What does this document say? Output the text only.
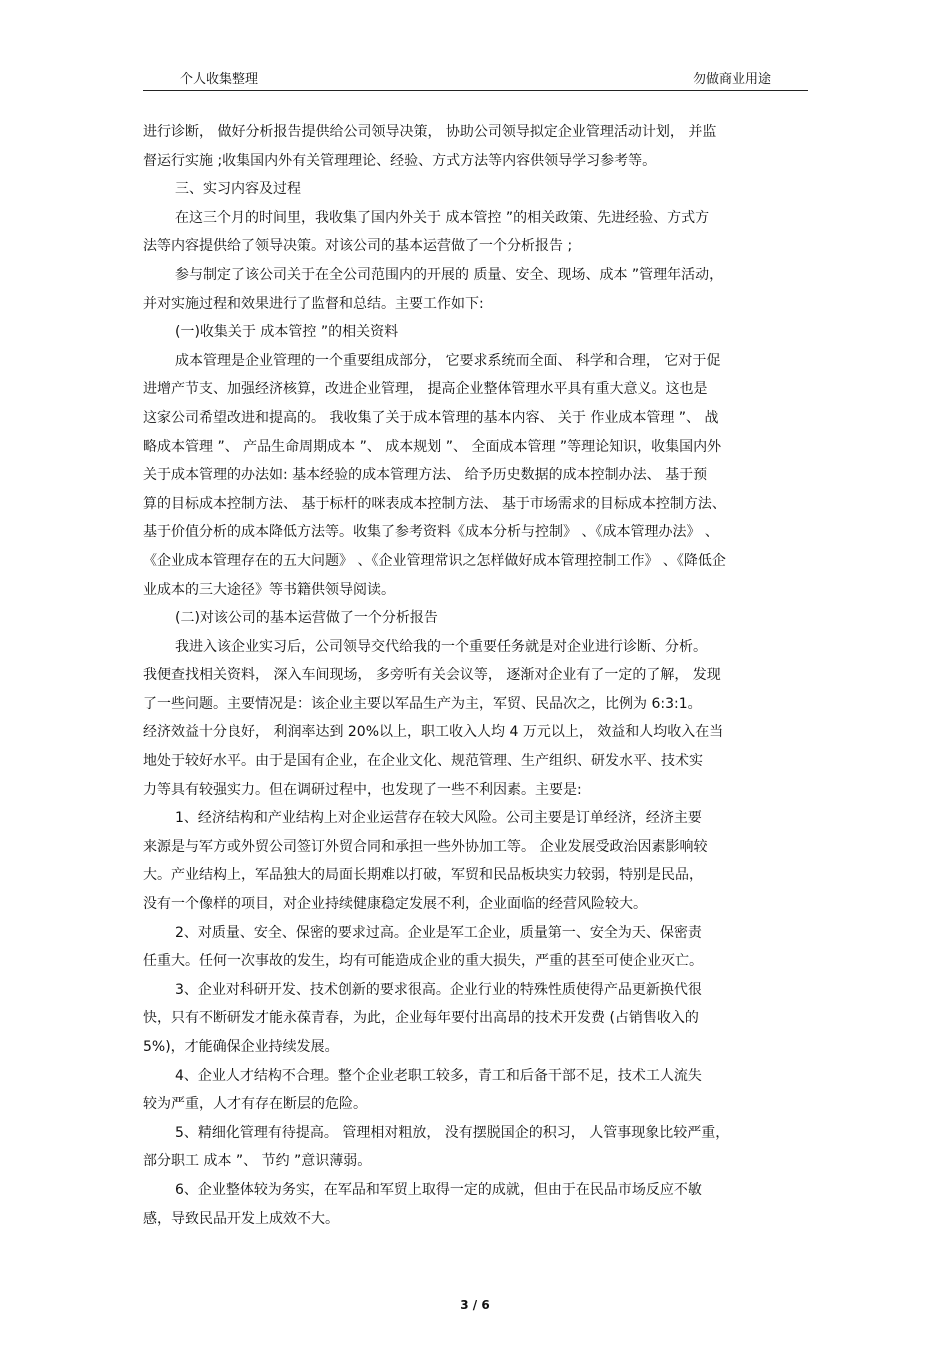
个人收集整理	勿做商业用途
进行诊断， 做好分析报告提供给公司领导决策， 协助公司领导拟定企业管理活动计划， 并监
督运行实施 ;收集国内外有关管理理论、经验、方式方法等内容供领导学习参考等。
三、实习内容及过程
在这三个月的时间里，我收集了国内外关于 成本管控 ”的相关政策、先进经验、方式方
法等内容提供给了领导决策。对该公司的基本运营做了一个分析报告 ;
参与制定了该公司关于在全公司范围内的开展的 质量、安全、现场、成本 ”管理年活动，
并对实施过程和效果进行了监督和总结。主要工作如下:
(一)收集关于 成本管控 ”的相关资料
成本管理是企业管理的一个重要组成部分， 它要求系统而全面、 科学和合理， 它对于促
进增产节支、加强经济核算，改进企业管理， 提高企业整体管理水平具有重大意义。这也是
这家公司希望改进和提高的。 我收集了关于成本管理的基本内容、 关于 作业成本管理 ”、 战
略成本管理 ”、 产品生命周期成本 ”、 成本规划 ”、 全面成本管理 ”等理论知识，收集国内外
关于成本管理的办法如: 基本经验的成本管理方法、 给予历史数据的成本控制办法、 基于预
算的目标成本控制方法、 基于标杆的咪表成本控制方法、 基于市场需求的目标成本控制方法、
基于价值分析的成本降低方法等。收集了参考资料《成本分析与控制》 、《成本管理办法》 、
《企业成本管理存在的五大问题》 、《企业管理常识之怎样做好成本管理控制工作》 、《降低企
业成本的三大途径》等书籍供领导阅读。
(二)对该公司的基本运营做了一个分析报告
我进入该企业实习后，公司领导交代给我的一个重要任务就是对企业进行诊断、分析。
我便查找相关资料， 深入车间现场， 多旁听有关会议等， 逐渐对企业有了一定的了解， 发现
了一些问题。主要情况是：该企业主要以军品生产为主，军贸、民品次之，比例为 6:3:1。
经济效益十分良好， 利润率达到 20%以上，职工收入人均 4 万元以上， 效益和人均收入在当
地处于较好水平。由于是国有企业，在企业文化、规范管理、生产组织、研发水平、技术实
力等具有较强实力。但在调研过程中，也发现了一些不利因素。主要是:
1、经济结构和产业结构上对企业运营存在较大风险。公司主要是订单经济，经济主要
来源是与军方或外贸公司签订外贸合同和承担一些外协加工等。 企业发展受政治因素影响较
大。产业结构上，军品独大的局面长期难以打破，军贸和民品板块实力较弱，特别是民品，
没有一个像样的项目，对企业持续健康稳定发展不利，企业面临的经营风险较大。
2、对质量、安全、保密的要求过高。企业是军工企业，质量第一、安全为天、保密责
任重大。任何一次事故的发生，均有可能造成企业的重大损失，严重的甚至可使企业灭亡。
3、企业对科研开发、技术创新的要求很高。企业行业的特殊性质使得产品更新换代很
快，只有不断研发才能永葆青春，为此，企业每年要付出高昂的技术开发费 (占销售收入的
5%)，才能确保企业持续发展。
4、企业人才结构不合理。整个企业老职工较多，青工和后备干部不足，技术工人流失
较为严重，人才有存在断层的危险。
5、精细化管理有待提高。 管理相对粗放， 没有摆脱国企的积习， 人管事现象比较严重，
部分职工 成本 ”、 节约 ”意识薄弱。
6、企业整体较为务实，在军品和军贸上取得一定的成就，但由于在民品市场反应不敏
感，导致民品开发上成效不大。
3 / 6
